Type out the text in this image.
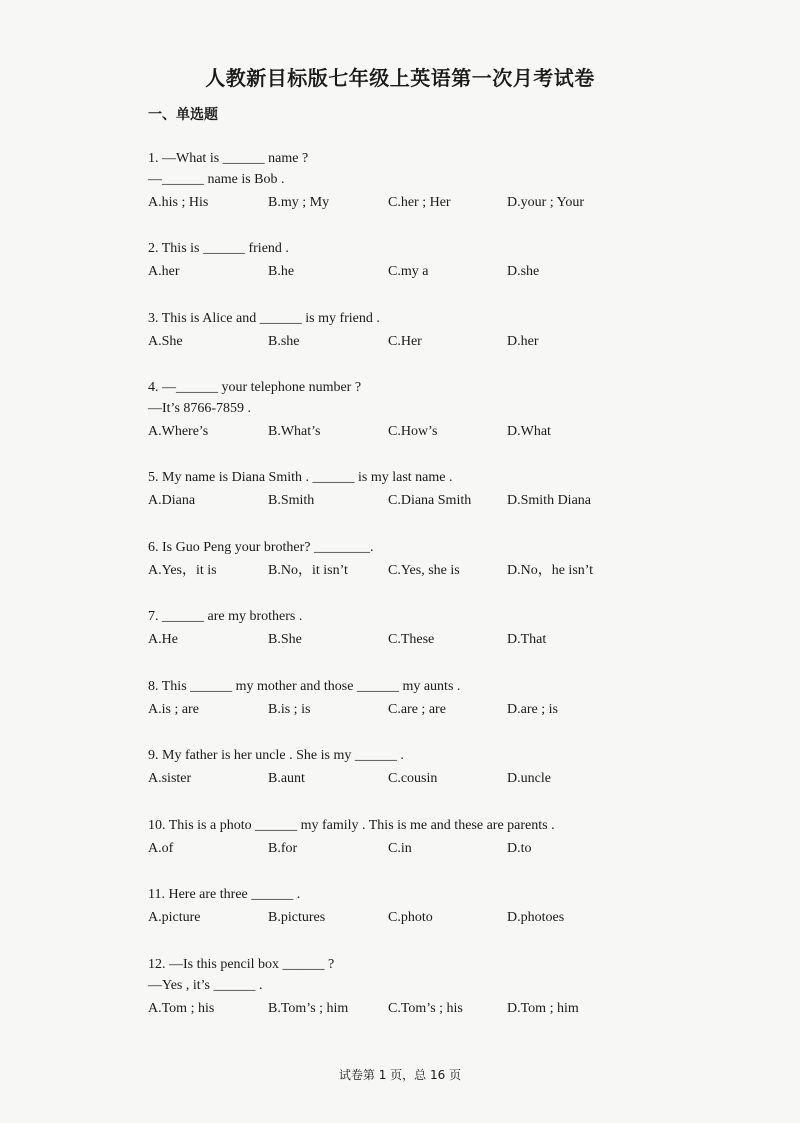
人教新目标版七年级上英语第一次月考试卷
一、单选题
1. —What is ______ name ?
—______ name is Bob .
A.his ; His	B.my ; My	C.her ; Her	D.your ; Your
2. This is ______ friend .
A.her	B.he	C.my a	D.she
3. This is Alice and ______ is my friend .
A.She	B.she	C.Her	D.her
4. —______ your telephone number ?
—It’s 8766-7859 .
A.Where’s	B.What’s	C.How’s	D.What
5. My name is Diana Smith . ______ is my last name .
A.Diana	B.Smith	C.Diana Smith	D.Smith Diana
6. Is Guo Peng your brother? ________.
A.Yes，it is	B.No，it isn’t	C.Yes, she is	D.No，he isn’t
7. ______ are my brothers .
A.He	B.She	C.These	D.That
8. This ______ my mother and those ______ my aunts .
A.is ; are	B.is ; is	C.are ; are	D.are ; is
9. My father is her uncle . She is my ______ .
A.sister	B.aunt	C.cousin	D.uncle
10. This is a photo ______ my family . This is me and these are parents .
A.of	B.for	C.in	D.to
11. Here are three ______ .
A.picture	B.pictures	C.photo	D.photoes
12. —Is this pencil box ______ ?
—Yes , it’s ______ .
A.Tom ; his	B.Tom’s ; him	C.Tom’s ; his	D.Tom ; him
试卷第 1 页，总 16 页
